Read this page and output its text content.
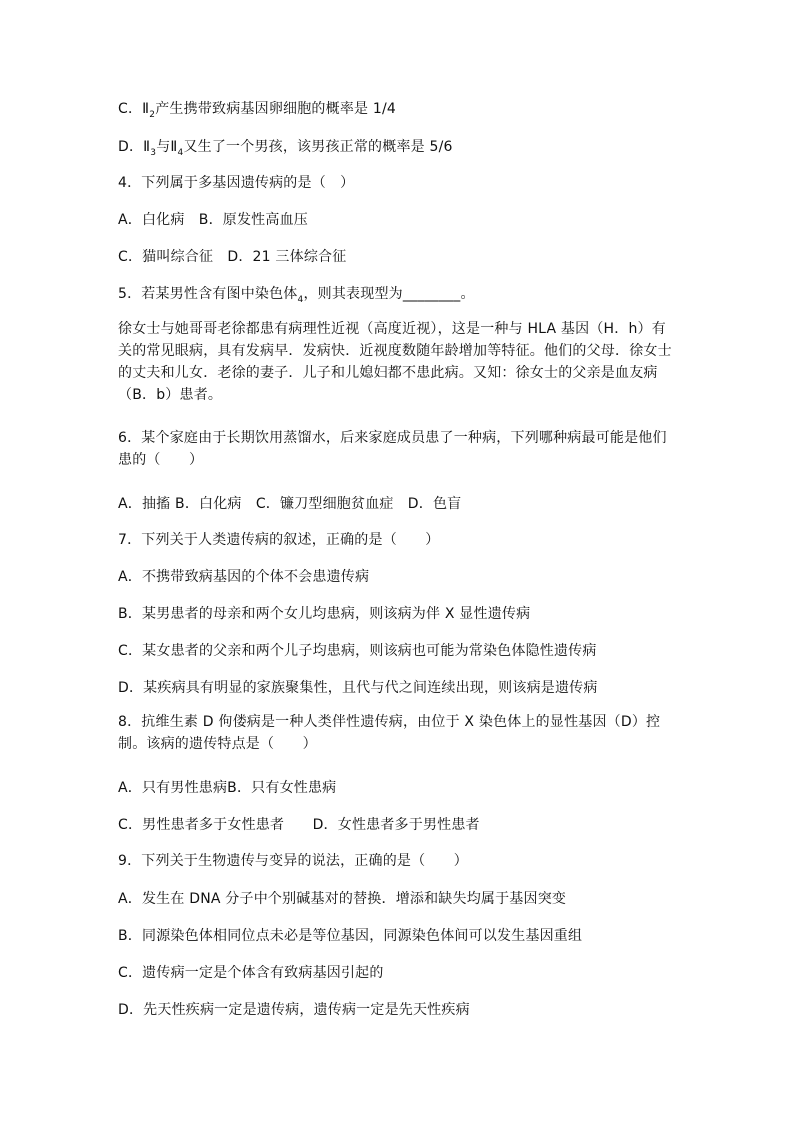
C．$Ⅱ_2$产生携带致病基因卵细胞的概率是 1/4

D．$Ⅱ_3$与$Ⅱ_4$又生了一个男孩，该男孩正常的概率是 5/6

4．下列属于多基因遗传病的是（　）

A．白化病　B．原发性高血压

C．猫叫综合征　D．21 三体综合征

5．若某男性含有图中染色体$_4$，则其表现型为________。

徐女士与她哥哥老徐都患有病理性近视（高度近视），这是一种与 HLA 基因（H．h）有关的常见眼病，具有发病早．发病快．近视度数随年龄增加等特征。他们的父母．徐女士的丈夫和儿女．老徐的妻子．儿子和儿媳妇都不患此病。又知：徐女士的父亲是血友病（B．b）患者。

6．某个家庭由于长期饮用蒸馏水，后来家庭成员患了一种病，下列哪种病最可能是他们患的（　　）

A．抽搐 B．白化病　C．镰刀型细胞贫血症　D．色盲

7．下列关于人类遗传病的叙述，正确的是（　　）

A．不携带致病基因的个体不会患遗传病

B．某男患者的母亲和两个女儿均患病，则该病为伴 X 显性遗传病

C．某女患者的父亲和两个儿子均患病，则该病也可能为常染色体隐性遗传病

D．某疾病具有明显的家族聚集性，且代与代之间连续出现，则该病是遗传病

8．抗维生素 D 佝偻病是一种人类伴性遗传病，由位于 X 染色体上的显性基因（D）控制。该病的遗传特点是（　　）

A．只有男性患病B．只有女性患病

C．男性患者多于女性患者　　D．女性患者多于男性患者

9．下列关于生物遗传与变异的说法，正确的是（　　）

A．发生在 DNA 分子中个别碱基对的替换．增添和缺失均属于基因突变

B．同源染色体相同位点未必是等位基因，同源染色体间可以发生基因重组

C．遗传病一定是个体含有致病基因引起的

D．先天性疾病一定是遗传病，遗传病一定是先天性疾病
